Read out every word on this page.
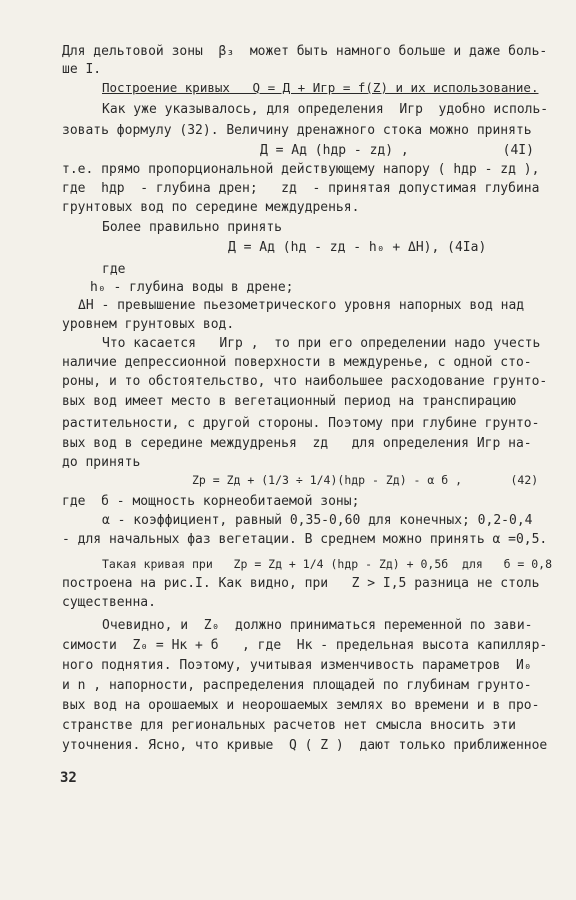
Для дельтовой зоны  β₃  может быть намного больше и даже боль-
ше I.
Построение кривых   Q = Д + Игр = f(Z) и их использование.
Как уже указывалось, для определения  Игр  удобно исполь-
зовать формулу (32). Величину дренажного стока можно принять
Д = Aд (hдр - zд) ,            (4I)
т.е. прямо пропорциональной действующему напору ( hдр - zд ),
где  hдр  - глубина дрен;   zд  - принятая допустимая глубина
грунтовых вод по середине междудренья.
Более правильно принять
Д = Aд (hд - zд - h₀ + ΔH), (4Ia)
где
h₀ - глубина воды в дрене;
ΔH - превышение пьезометрического уровня напорных вод над
уровнем грунтовых вод.
Что касается   Игр ,  то при его определении надо учесть
наличие депрессионной поверхности в междуренье, с одной сто-
роны, и то обстоятельство, что наибольшее расходование грунто-
вых вод имеет место в вегетационный период на транспирацию
растительности, с другой стороны. Поэтому при глубине грунто-
вых вод в середине междудренья  zд   для определения Игр на-
до принять
Zр = Zд + (1/3 ÷ 1/4)(hдр - Zд) - α б ,       (42)
где  б - мощность корнеобитаемой зоны;
α - коэффициент, равный 0,35-0,60 для конечных; 0,2-0,4
- для начальных фаз вегетации. В среднем можно принять α =0,5.
Такая кривая при   Zр = Zд + 1/4 (hдр - Zд) + 0,5б  для   б = 0,8
построена на рис.I. Как видно, при   Z > I,5 разница не столь
существенна.
Очевидно, и  Z₀  должно приниматься переменной по зави-
симости  Z₀ = Hк + б   , где  Hк - предельная высота капилляр-
ного поднятия. Поэтому, учитывая изменчивость параметров  И₀
и n , напорности, распределения площадей по глубинам грунто-
вых вод на орошаемых и неорошаемых землях во времени и в про-
странстве для региональных расчетов нет смысла вносить эти
уточнения. Ясно, что кривые  Q ( Z )  дают только приближенное
32
